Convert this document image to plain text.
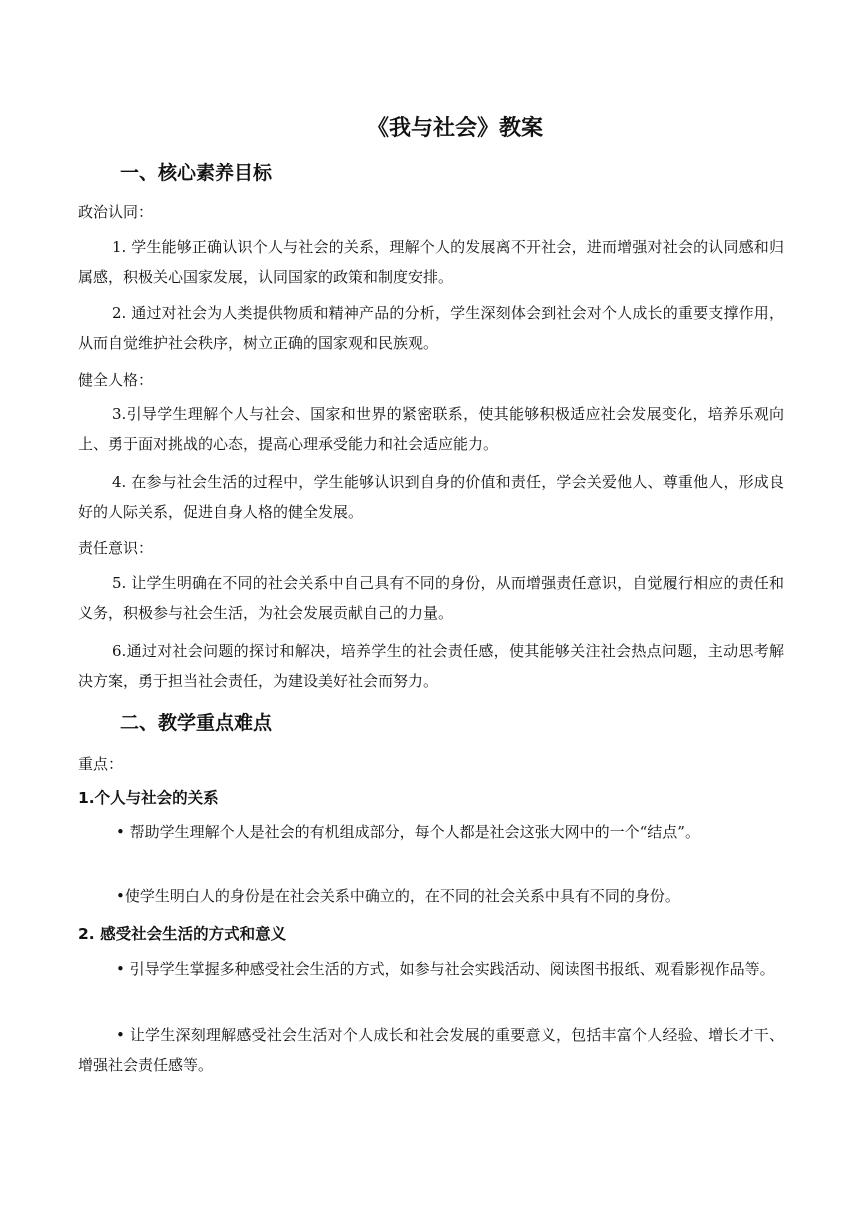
《我与社会》教案
一、核心素养目标
政治认同：

1. 学生能够正确认识个人与社会的关系，理解个人的发展离不开社会，进而增强对社会的认同感和归属感，积极关心国家发展，认同国家的政策和制度安排。

2. 通过对社会为人类提供物质和精神产品的分析，学生深刻体会到社会对个人成长的重要支撑作用，从而自觉维护社会秩序，树立正确的国家观和民族观。

健全人格：

3.引导学生理解个人与社会、国家和世界的紧密联系，使其能够积极适应社会发展变化，培养乐观向上、勇于面对挑战的心态，提高心理承受能力和社会适应能力。

4. 在参与社会生活的过程中，学生能够认识到自身的价值和责任，学会关爱他人、尊重他人，形成良好的人际关系，促进自身人格的健全发展。

责任意识：

5. 让学生明确在不同的社会关系中自己具有不同的身份，从而增强责任意识，自觉履行相应的责任和义务，积极参与社会生活，为社会发展贡献自己的力量。

6.通过对社会问题的探讨和解决，培养学生的社会责任感，使其能够关注社会热点问题，主动思考解决方案，勇于担当社会责任，为建设美好社会而努力。

二、教学重点难点
重点：
1.个人与社会的关系

• 帮助学生理解个人是社会的有机组成部分，每个人都是社会这张大网中的一个“结点”。

•使学生明白人的身份是在社会关系中确立的，在不同的社会关系中具有不同的身份。

2. 感受社会生活的方式和意义

• 引导学生掌握多种感受社会生活的方式，如参与社会实践活动、阅读图书报纸、观看影视作品等。

• 让学生深刻理解感受社会生活对个人成长和社会发展的重要意义，包括丰富个人经验、增长才干、增强社会责任感等。
